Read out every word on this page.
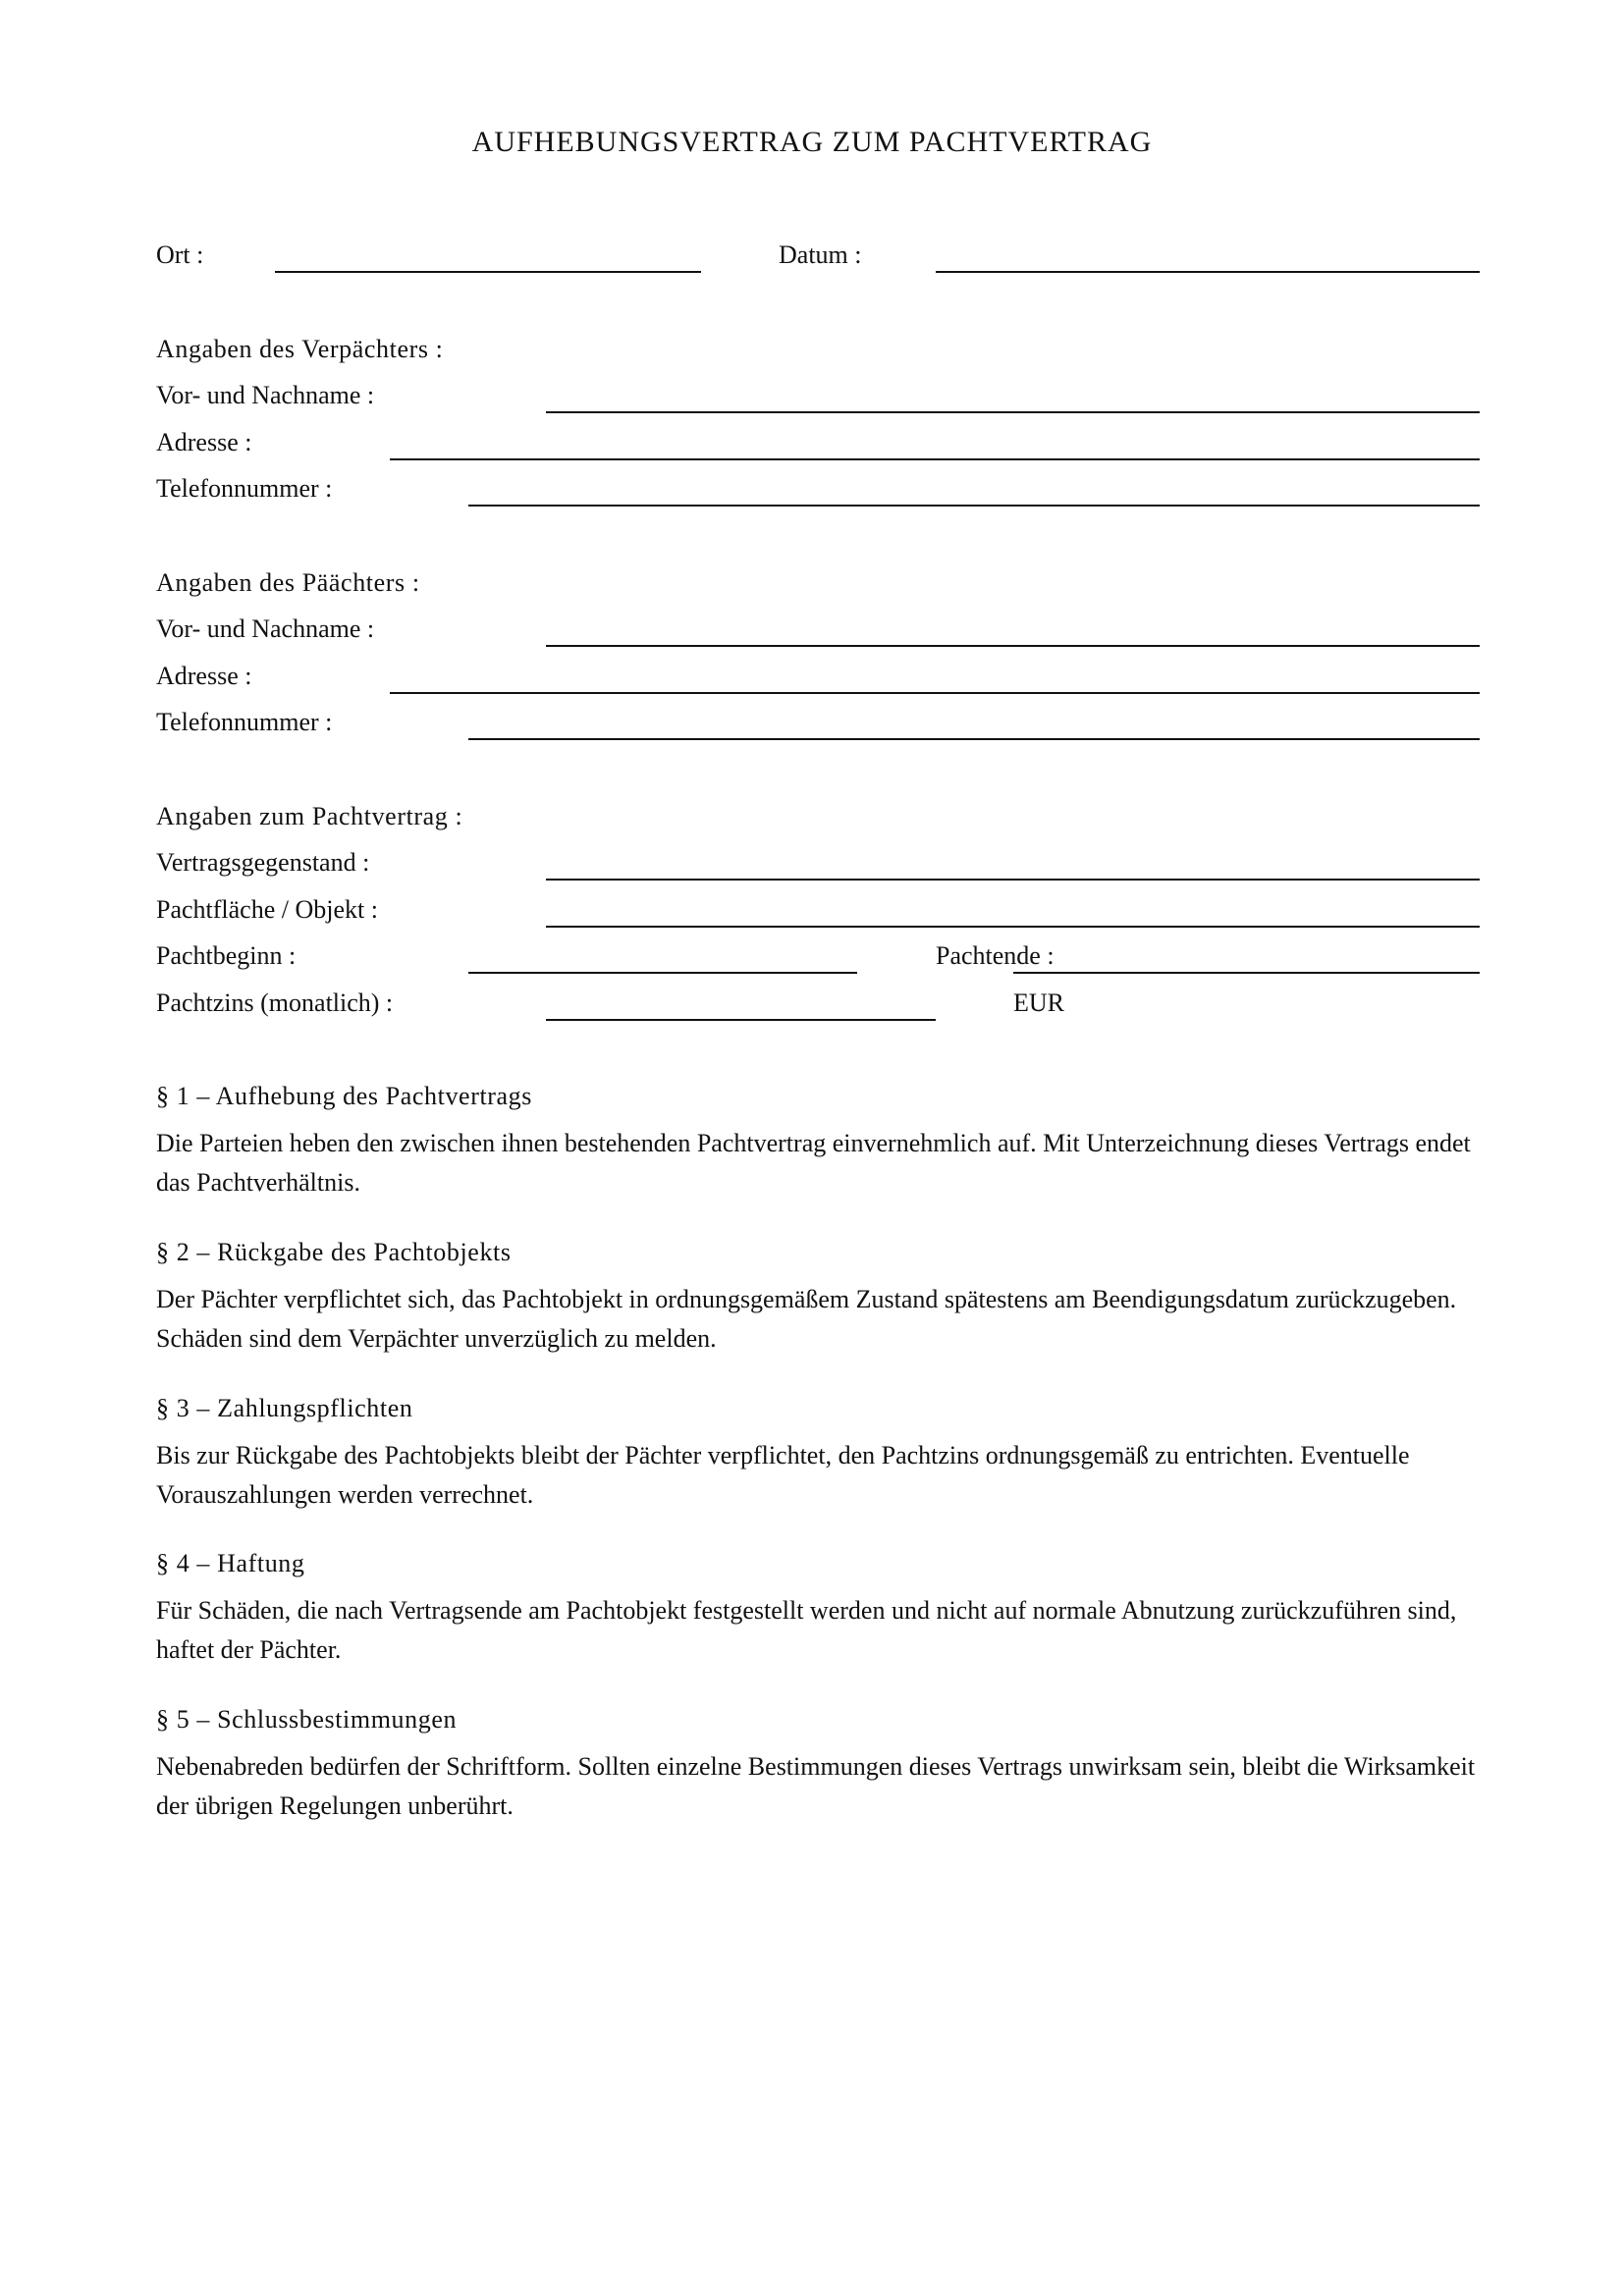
AUFHEBUNGSVERTRAG ZUM PACHTVERTRAG
Ort :	Datum :
Angaben des Verpächters :
Vor- und Nachname :
Adresse :
Telefonnummer :
Angaben des Päächters :
Vor- und Nachname :
Adresse :
Telefonnummer :
Angaben zum Pachtvertrag :
Vertragsgegenstand :
Pachtfläche / Objekt :
Pachtbeginn :	Pachtende :
Pachtzins (monatlich) :	EUR
§ 1 – Aufhebung des Pachtvertrags
Die Parteien heben den zwischen ihnen bestehenden Pachtvertrag einvernehmlich auf. Mit Unterzeichnung dieses Vertrags endet das Pachtverhältnis.
§ 2 – Rückgabe des Pachtobjekts
Der Pächter verpflichtet sich, das Pachtobjekt in ordnungsgemäßem Zustand spätestens am Beendigungsdatum zurückzugeben. Schäden sind dem Verpächter unverzüglich zu melden.
§ 3 – Zahlungspflichten
Bis zur Rückgabe des Pachtobjekts bleibt der Pächter verpflichtet, den Pachtzins ordnungsgemäß zu entrichten. Eventuelle Vorauszahlungen werden verrechnet.
§ 4 – Haftung
Für Schäden, die nach Vertragsende am Pachtobjekt festgestellt werden und nicht auf normale Abnutzung zurückzuführen sind, haftet der Pächter.
§ 5 – Schlussbestimmungen
Nebenabreden bedürfen der Schriftform. Sollten einzelne Bestimmungen dieses Vertrags unwirksam sein, bleibt die Wirksamkeit der übrigen Regelungen unberührt.
